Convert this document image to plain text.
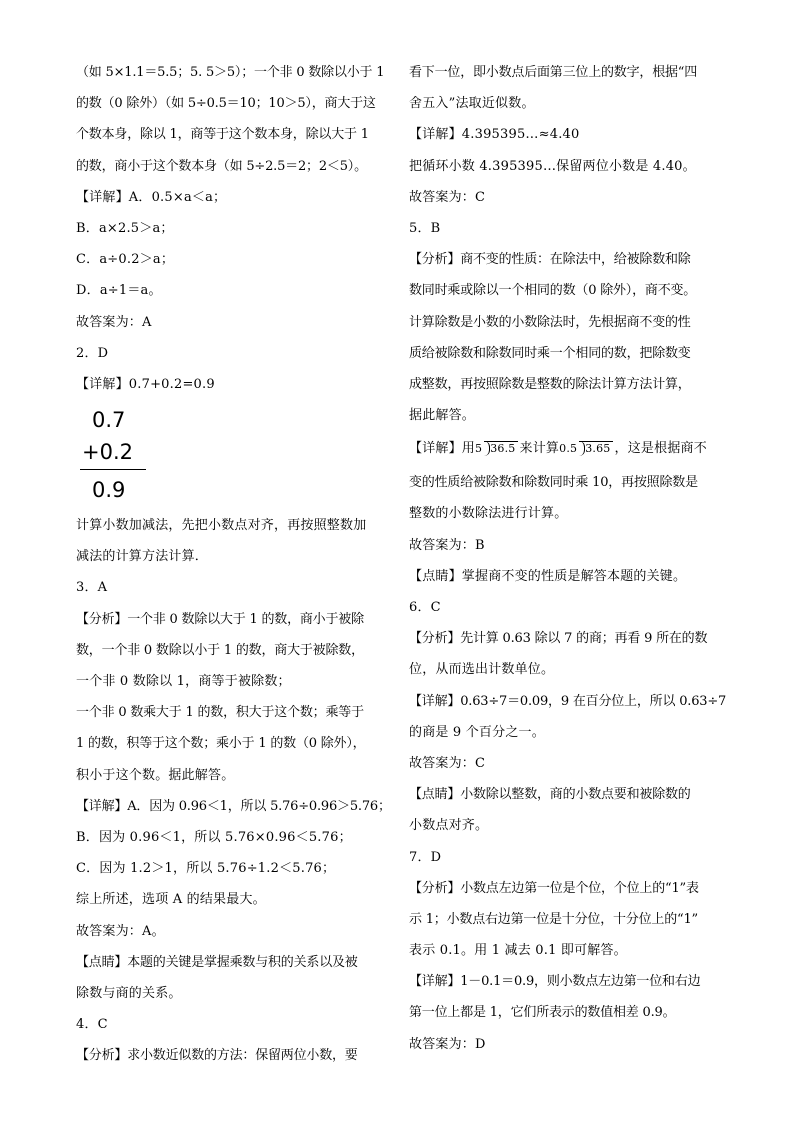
（如 5×1.1＝5.5；5. 5＞5）；一个非 0 数除以小于 1
的数（0 除外）（如 5÷0.5＝10；10＞5），商大于这
个数本身，除以 1，商等于这个数本身，除以大于 1
的数，商小于这个数本身（如 5÷2.5＝2；2＜5）。
【详解】A．0.5×a＜a；
B．a×2.5＞a；
C．a÷0.2＞a；
D．a÷1＝a。
故答案为：A
2．D
【详解】0.7+0.2=0.9
0.7
+0.2
0.9
计算小数加减法，先把小数点对齐，再按照整数加
减法的计算方法计算．
3．A
【分析】一个非 0 数除以大于 1 的数，商小于被除
数，一个非 0 数除以小于 1 的数，商大于被除数，
一个非 0 数除以 1，商等于被除数；
一个非 0 数乘大于 1 的数，积大于这个数；乘等于
1 的数，积等于这个数；乘小于 1 的数（0 除外），
积小于这个数。据此解答。
【详解】A．因为 0.96＜1，所以 5.76÷0.96＞5.76；
B．因为 0.96＜1，所以 5.76×0.96＜5.76；
C．因为 1.2＞1，所以 5.76÷1.2＜5.76；
综上所述，选项 A 的结果最大。
故答案为：A。
【点睛】本题的关键是掌握乘数与积的关系以及被
除数与商的关系。
4．C
【分析】求小数近似数的方法：保留两位小数，要
看下一位，即小数点后面第三位上的数字，根据“四
舍五入”法取近似数。
【详解】4.395395…≈4.40
把循环小数 4.395395…保留两位小数是 4.40。
故答案为：C
5．B
【分析】商不变的性质：在除法中，给被除数和除
数同时乘或除以一个相同的数（0 除外），商不变。
计算除数是小数的小数除法时，先根据商不变的性
质给被除数和除数同时乘一个相同的数，把除数变
成整数，再按照除数是整数的除法计算方法计算，
据此解答。
【详解】用5 36.5 来计算0.5 3.65 ，这是根据商不
变的性质给被除数和除数同时乘 10，再按照除数是
整数的小数除法进行计算。
故答案为：B
【点睛】掌握商不变的性质是解答本题的关键。
6．C
【分析】先计算 0.63 除以 7 的商；再看 9 所在的数
位，从而选出计数单位。
【详解】0.63÷7＝0.09，9 在百分位上，所以 0.63÷7
的商是 9 个百分之一。
故答案为：C
【点睛】小数除以整数，商的小数点要和被除数的
小数点对齐。
7．D
【分析】小数点左边第一位是个位，个位上的“1”表
示 1；小数点右边第一位是十分位，十分位上的“1”
表示 0.1。用 1 减去 0.1 即可解答。
【详解】1－0.1＝0.9，则小数点左边第一位和右边
第一位上都是 1，它们所表示的数值相差 0.9。
故答案为：D
